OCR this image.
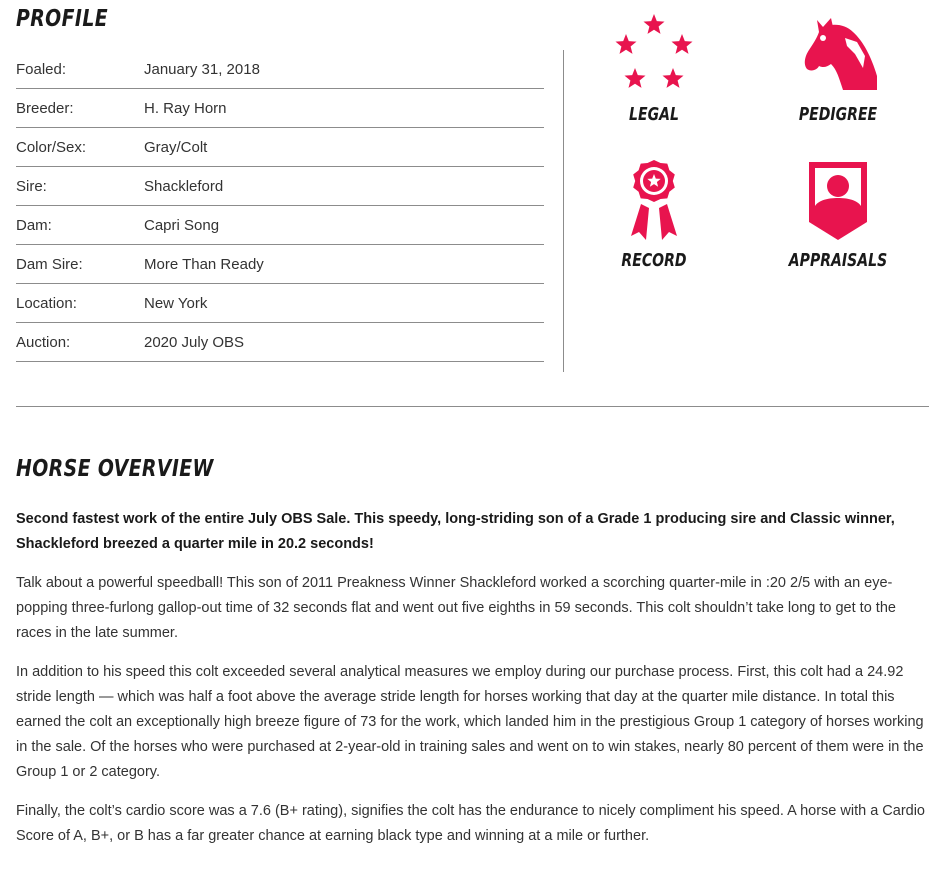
PROFILE
Foaled:	January 31, 2018
Breeder:	H. Ray Horn
Color/Sex:	Gray/Colt
Sire:	Shackleford
Dam:	Capri Song
Dam Sire:	More Than Ready
Location:	New York
Auction:	2020 July OBS
LEGAL	PEDIGREE
RECORD	APPRAISALS
HORSE OVERVIEW

Second fastest work of the entire July OBS Sale. This speedy, long-striding son of a Grade 1 producing sire and Classic winner, Shackleford breezed a quarter mile in 20.2 seconds!

Talk about a powerful speedball! This son of 2011 Preakness Winner Shackleford worked a scorching quarter-mile in :20 2/5 with an eye-popping three-furlong gallop-out time of 32 seconds flat and went out five eighths in 59 seconds. This colt shouldn’t take long to get to the races in the late summer.

In addition to his speed this colt exceeded several analytical measures we employ during our purchase process. First, this colt had a 24.92 stride length — which was half a foot above the average stride length for horses working that day at the quarter mile distance. In total this earned the colt an exceptionally high breeze figure of 73 for the work, which landed him in the prestigious Group 1 category of horses working in the sale. Of the horses who were purchased at 2-year-old in training sales and went on to win stakes, nearly 80 percent of them were in the Group 1 or 2 category.

Finally, the colt’s cardio score was a 7.6 (B+ rating), signifies the colt has the endurance to nicely compliment his speed. A horse with a Cardio Score of A, B+, or B has a far greater chance at earning black type and winning at a mile or further.
